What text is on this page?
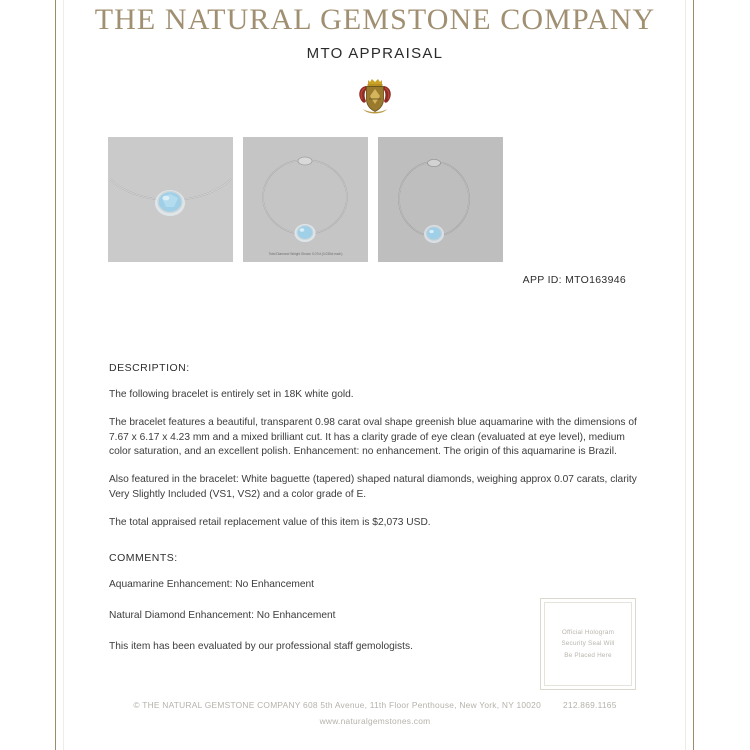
THE NATURAL GEMSTONE COMPANY
MTO APPRAISAL
Total Diamond Weight Shown 0.07ct (0.035ct each)
APP ID: MTO163946
DESCRIPTION:
The following bracelet is entirely set in 18K white gold.
The bracelet features a beautiful, transparent 0.98 carat oval shape greenish blue aquamarine with the dimensions of 7.67 x 6.17 x 4.23 mm and a mixed brilliant cut. It has a clarity grade of eye clean (evaluated at eye level), medium color saturation, and an excellent polish. Enhancement: no enhancement. The origin of this aquamarine is Brazil.
Also featured in the bracelet: White baguette (tapered) shaped natural diamonds, weighing approx 0.07 carats, clarity Very Slightly Included (VS1, VS2) and a color grade of E.
The total appraised retail replacement value of this item is $2,073 USD.
COMMENTS:
Aquamarine Enhancement: No Enhancement
Natural Diamond Enhancement: No Enhancement
This item has been evaluated by our professional staff gemologists.
Official Hologram
Security Seal Will
Be Placed Here
© THE NATURAL GEMSTONE COMPANY 608 5th Avenue, 11th Floor Penthouse, New York, NY 10020	212.869.1165
www.naturalgemstones.com
